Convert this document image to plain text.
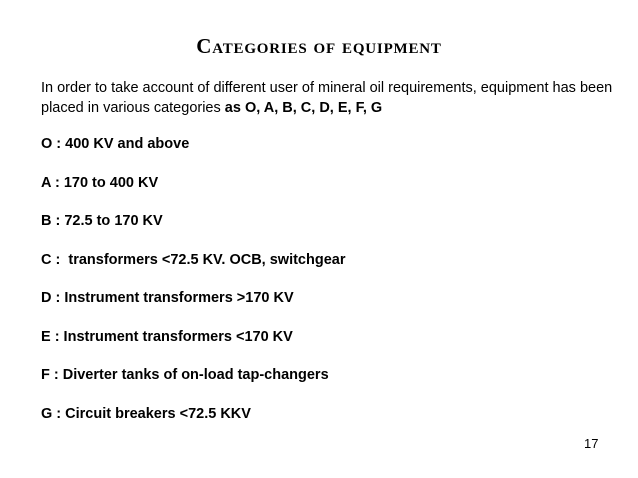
Categories of equipment

In order to take account of different user of mineral oil requirements, equipment has been placed in various categories as O, A, B, C, D, E, F, G

O : 400 KV and above
A : 170 to 400 KV
B : 72.5 to 170 KV
C :  transformers <72.5 KV. OCB, switchgear
D : Instrument transformers >170 KV
E : Instrument transformers <170 KV
F : Diverter tanks of on-load tap-changers
G : Circuit breakers <72.5 KKV
17
